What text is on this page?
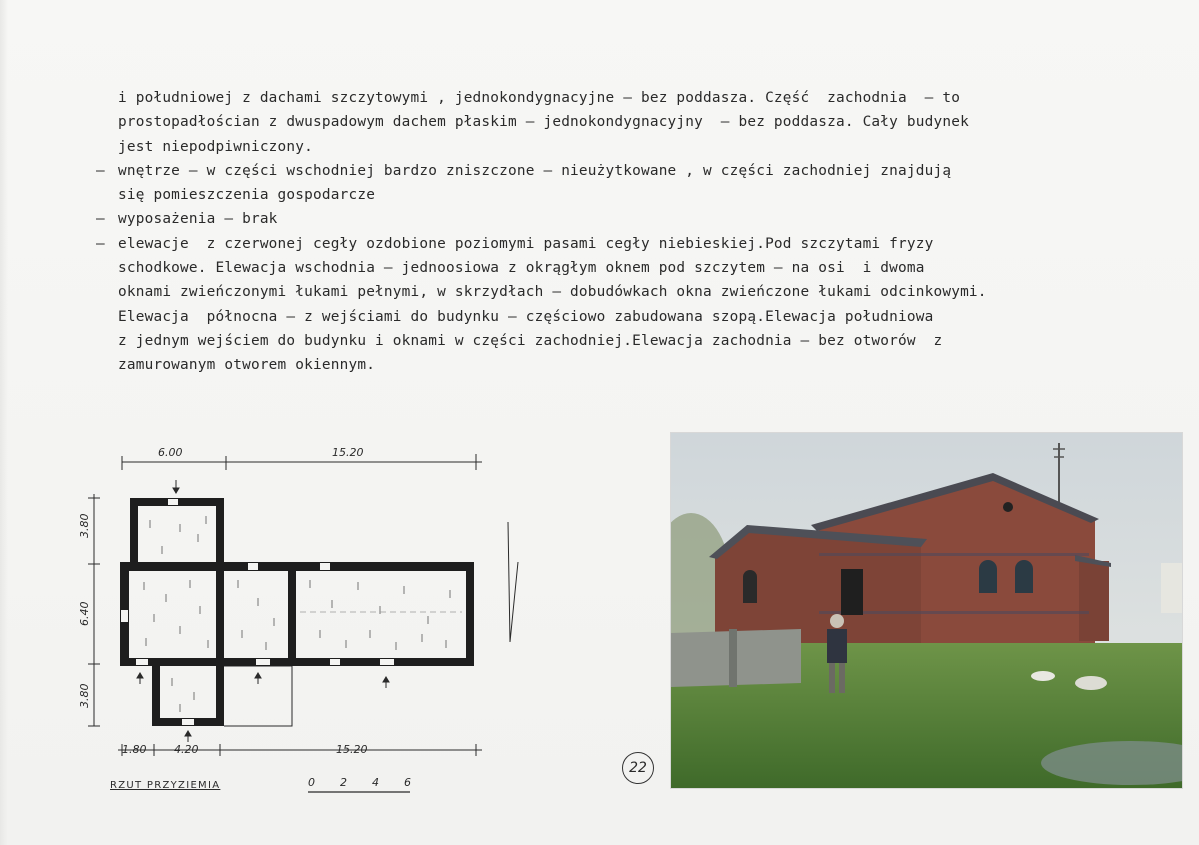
i południowej z dachami szczytowymi , jednokondygnacyjne – bez poddasza. Część  zachodnia  – to
prostopadłościan z dwuspadowym dachem płaskim – jednokondygnacyjny  – bez poddasza. Cały budynek
jest niepodpiwniczony.
– wnętrze – w części wschodniej bardzo zniszczone – nieużytkowane , w części zachodniej znajdują
się pomieszczenia gospodarcze
– wyposażenia – brak
– elewacje  z czerwonej cegły ozdobione poziomymi pasami cegły niebieskiej.Pod szczytami fryzy
schodkowe. Elewacja wschodnia – jednoosiowa z okrągłym oknem pod szczytem – na osi  i dwoma
oknami zwieńczonymi łukami pełnymi, w skrzydłach – dobudówkach okna zwieńczone łukami odcinkowymi.
Elewacja  północna – z wejściami do budynku – częściowo zabudowana szopą.Elewacja południowa
z jednym wejściem do budynku i oknami w części zachodniej.Elewacja zachodnia – bez otworów  z
zamurowanym otworem okiennym.
6.00	15.20
3.80
6.40
3.80
1.80	4.20	15.20
RZUT PRZYZIEMIA	0 2 4 6
22
